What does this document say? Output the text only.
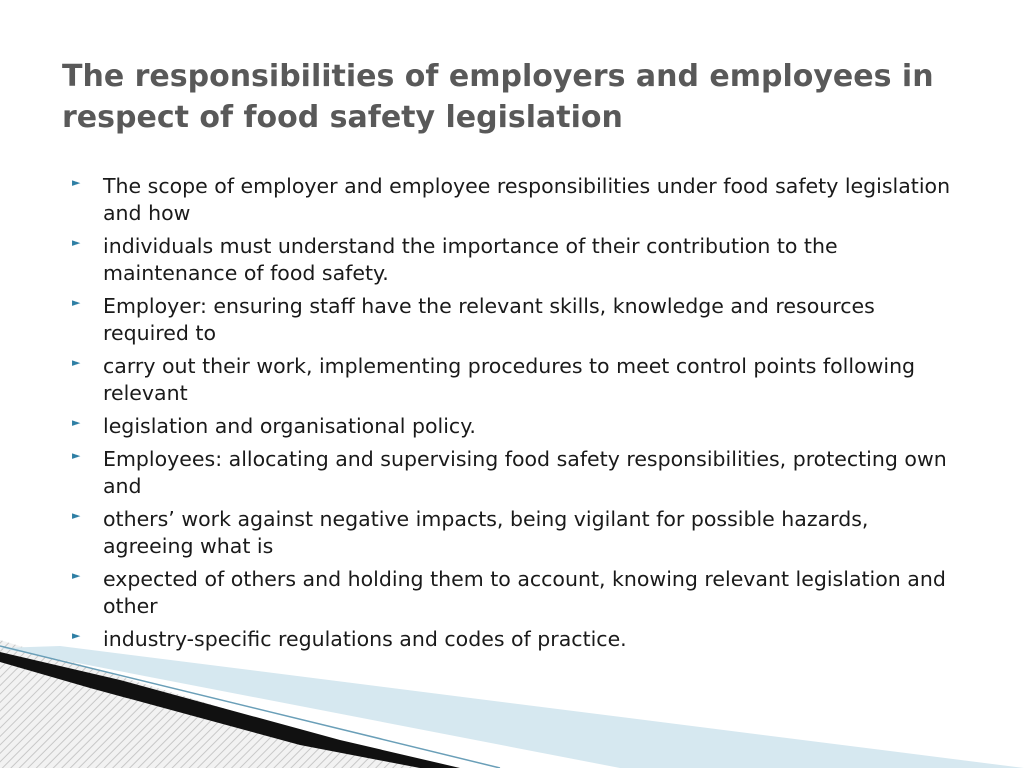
The responsibilities of employers and employees in respect of food safety legislation
► The scope of employer and employee responsibilities under food safety legislation and how
► individuals must understand the importance of their contribution to the maintenance of food safety.
► Employer: ensuring staff have the relevant skills, knowledge and resources required to
► carry out their work, implementing procedures to meet control points following relevant
► legislation and organisational policy.
► Employees: allocating and supervising food safety responsibilities, protecting own and
► others’ work against negative impacts, being vigilant for possible hazards, agreeing what is
► expected of others and holding them to account, knowing relevant legislation and other
► industry-specific regulations and codes of practice.
